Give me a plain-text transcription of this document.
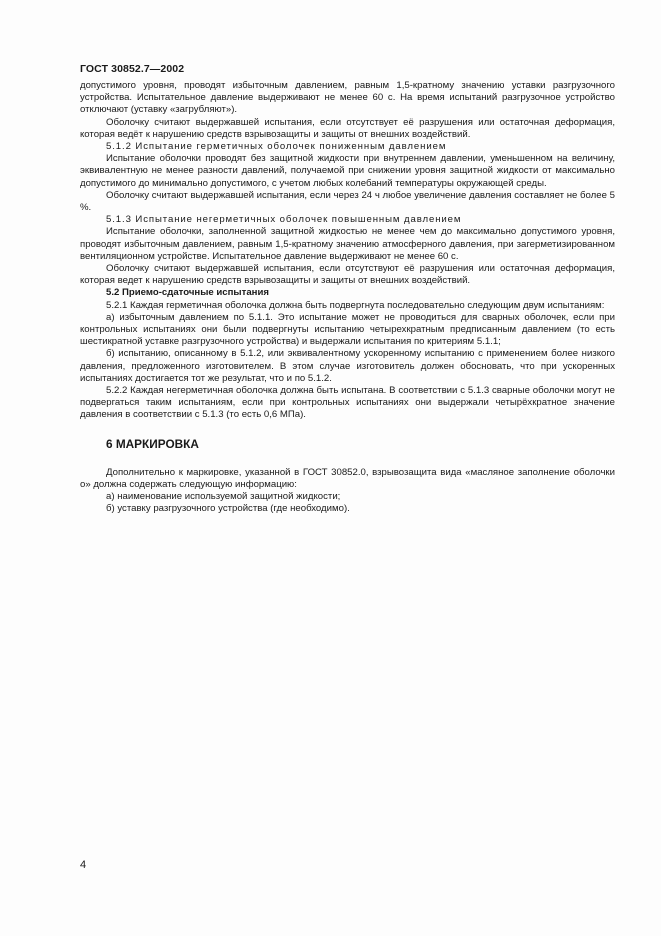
ГОСТ 30852.7—2002

допустимого уровня, проводят избыточным давлением, равным 1,5-кратному значению уставки разгрузочного устройства. Испытательное давление выдерживают не менее 60 с. На время испытаний разгрузочное устройство отключают (уставку «загрубляют»).

Оболочку считают выдержавшей испытания, если отсутствует её разрушения или остаточная деформация, которая ведёт к нарушению средств взрывозащиты и защиты от внешних воздействий.

5.1.2 Испытание герметичных оболочек пониженным давлением

Испытание оболочки проводят без защитной жидкости при внутреннем давлении, уменьшенном на величину, эквивалентную не менее разности давлений, получаемой при снижении уровня защитной жидкости от максимально допустимого до минимально допустимого, с учетом любых колебаний температуры окружающей среды.

Оболочку считают выдержавшей испытания, если через 24 ч любое увеличение давления составляет не более 5 %.

5.1.3 Испытание негерметичных оболочек повышенным давлением

Испытание оболочки, заполненной защитной жидкостью не менее чем до максимально допустимого уровня, проводят избыточным давлением, равным 1,5-кратному значению атмосферного давления, при загерметизированном вентиляционном устройстве. Испытательное давление выдерживают не менее 60 с.

Оболочку считают выдержавшей испытания, если отсутствуют её разрушения или остаточная деформация, которая ведет к нарушению средств взрывозащиты и защиты от внешних воздействий.

5.2 Приемо-сдаточные испытания

5.2.1 Каждая герметичная оболочка должна быть подвергнута последовательно следующим двум испытаниям:

а) избыточным давлением по 5.1.1. Это испытание может не проводиться для сварных оболочек, если при контрольных испытаниях они были подвергнуты испытанию четырехкратным предписанным давлением (то есть шестикратной уставке разгрузочного устройства) и выдержали испытания по критериям 5.1.1;

б) испытанию, описанному в 5.1.2, или эквивалентному ускоренному испытанию с применением более низкого давления, предложенного изготовителем. В этом случае изготовитель должен обосновать, что при ускоренных испытаниях достигается тот же результат, что и по 5.1.2.

5.2.2 Каждая негерметичная оболочка должна быть испытана. В соответствии с 5.1.3 сварные оболочки могут не подвергаться таким испытаниям, если при контрольных испытаниях они выдержали четырёхкратное значение давления в соответствии с 5.1.3 (то есть 0,6 МПа).

6 МАРКИРОВКА

Дополнительно к маркировке, указанной в ГОСТ 30852.0, взрывозащита вида «масляное заполнение оболочки о» должна содержать следующую информацию:

а) наименование используемой защитной жидкости;

б) уставку разгрузочного устройства (где необходимо).

4
